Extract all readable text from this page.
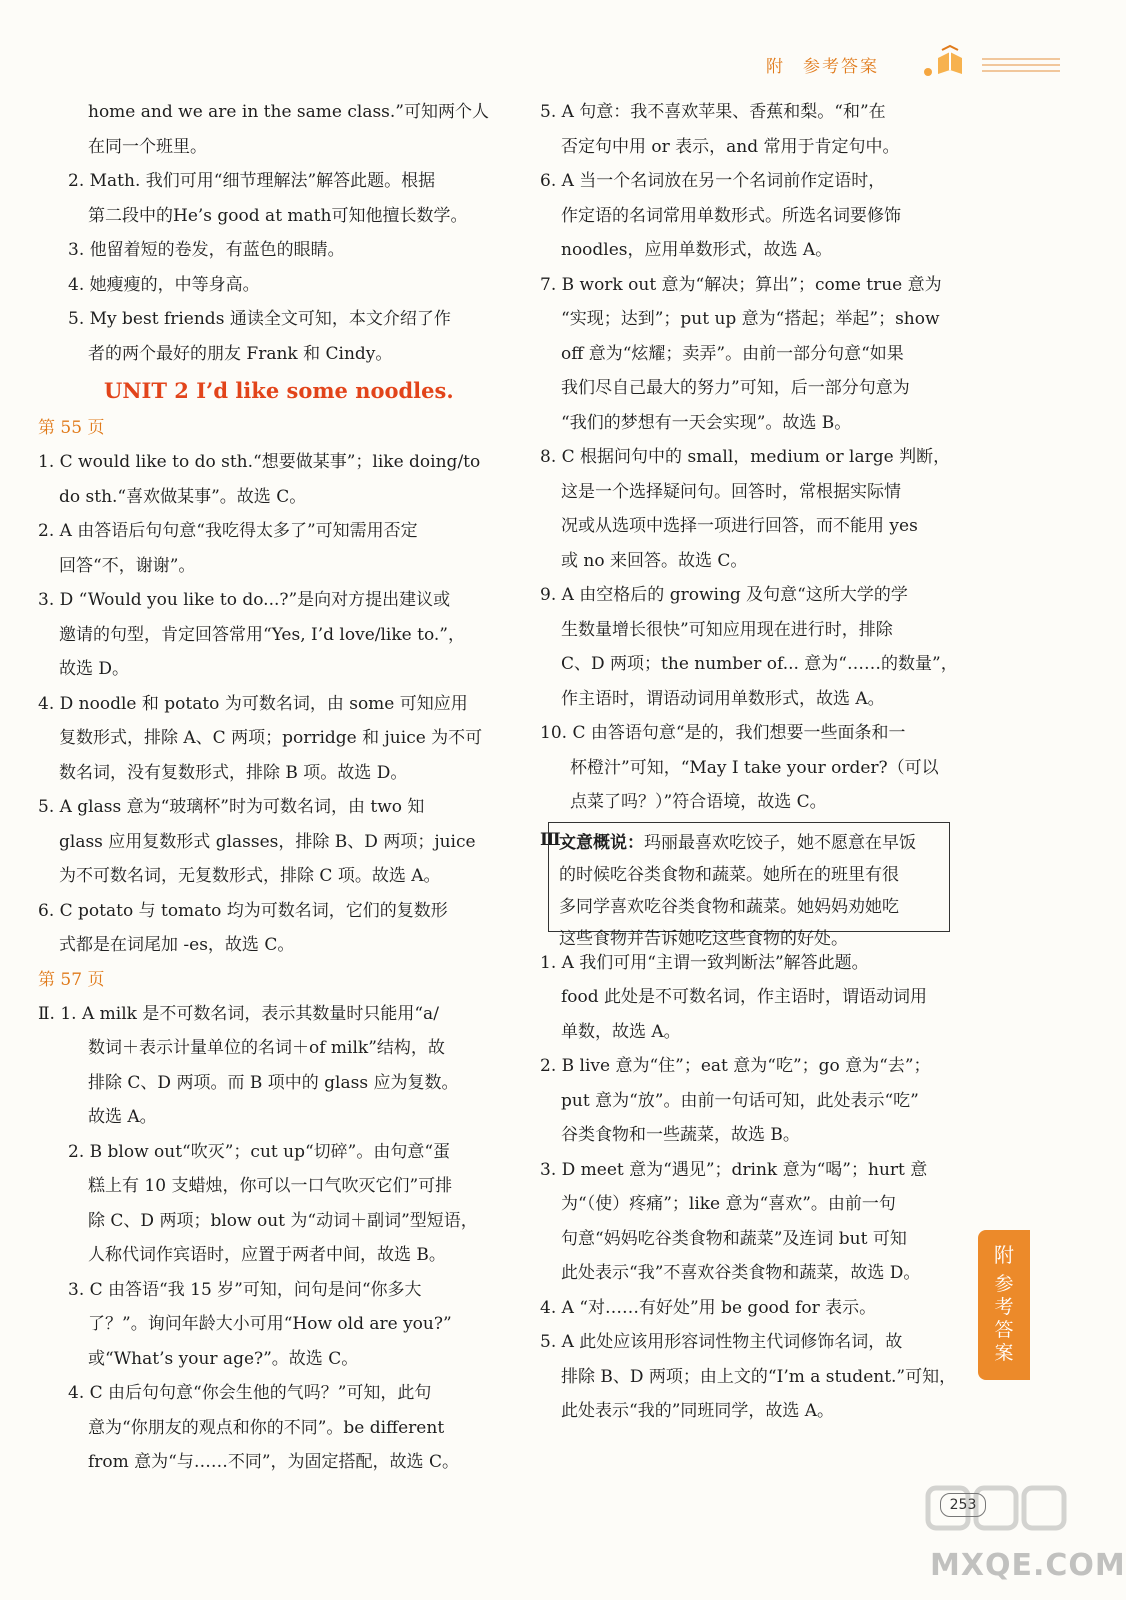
附 参考答案
home and we are in the same class.”可知两个人
在同一个班里。
2. Math. 我们可用“细节理解法”解答此题。根据
第二段中的He’s good at math可知他擅长数学。
3. 他留着短的卷发，有蓝色的眼睛。
4. 她瘦瘦的，中等身高。
5. My best friends 通读全文可知，本文介绍了作
者的两个最好的朋友 Frank 和 Cindy。
UNIT 2 I’d like some noodles.
第 55 页
1. C would like to do sth.“想要做某事”；like doing/to
do sth.“喜欢做某事”。故选 C。
2. A 由答语后句句意“我吃得太多了”可知需用否定
回答“不，谢谢”。
3. D “Would you like to do...?”是向对方提出建议或
邀请的句型，肯定回答常用“Yes, I’d love/like to.”，
故选 D。
4. D noodle 和 potato 为可数名词，由 some 可知应用
复数形式，排除 A、C 两项；porridge 和 juice 为不可
数名词，没有复数形式，排除 B 项。故选 D。
5. A glass 意为“玻璃杯”时为可数名词，由 two 知
glass 应用复数形式 glasses，排除 B、D 两项；juice
为不可数名词，无复数形式，排除 C 项。故选 A。
6. C potato 与 tomato 均为可数名词，它们的复数形
式都是在词尾加 -es，故选 C。
第 57 页
Ⅱ. 1. A milk 是不可数名词，表示其数量时只能用“a/
数词＋表示计量单位的名词＋of milk”结构，故
排除 C、D 两项。而 B 项中的 glass 应为复数。
故选 A。
2. B blow out“吹灭”；cut up“切碎”。由句意“蛋
糕上有 10 支蜡烛，你可以一口气吹灭它们”可排
除 C、D 两项；blow out 为“动词＋副词”型短语，
人称代词作宾语时，应置于两者中间，故选 B。
3. C 由答语“我 15 岁”可知，问句是问“你多大
了？”。询问年龄大小可用“How old are you?”
或“What’s your age?”。故选 C。
4. C 由后句句意“你会生他的气吗？”可知，此句
意为“你朋友的观点和你的不同”。be different
from 意为“与……不同”，为固定搭配，故选 C。
5. A 句意：我不喜欢苹果、香蕉和梨。“和”在
否定句中用 or 表示，and 常用于肯定句中。
6. A 当一个名词放在另一个名词前作定语时，
作定语的名词常用单数形式。所选名词要修饰
noodles，应用单数形式，故选 A。
7. B work out 意为“解决；算出”；come true 意为
“实现；达到”；put up 意为“搭起；举起”；show
off 意为“炫耀；卖弄”。由前一部分句意“如果
我们尽自己最大的努力”可知，后一部分句意为
“我们的梦想有一天会实现”。故选 B。
8. C 根据问句中的 small，medium or large 判断，
这是一个选择疑问句。回答时，常根据实际情
况或从选项中选择一项进行回答，而不能用 yes
或 no 来回答。故选 C。
9. A 由空格后的 growing 及句意“这所大学的学
生数量增长很快”可知应用现在进行时，排除
C、D 两项；the number of... 意为“……的数量”，
作主语时，谓语动词用单数形式，故选 A。
10. C 由答语句意“是的，我们想要一些面条和一
杯橙汁”可知，“May I take your order?（可以
点菜了吗？）”符合语境，故选 C。
Ⅲ.
文意概说：玛丽最喜欢吃饺子，她不愿意在早饭
的时候吃谷类食物和蔬菜。她所在的班里有很
多同学喜欢吃谷类食物和蔬菜。她妈妈劝她吃
这些食物并告诉她吃这些食物的好处。
1. A 我们可用“主谓一致判断法”解答此题。
food 此处是不可数名词，作主语时，谓语动词用
单数，故选 A。
2. B live 意为“住”；eat 意为“吃”；go 意为“去”；
put 意为“放”。由前一句话可知，此处表示“吃”
谷类食物和一些蔬菜，故选 B。
3. D meet 意为“遇见”；drink 意为“喝”；hurt 意
为“（使）疼痛”；like 意为“喜欢”。由前一句
句意“妈妈吃谷类食物和蔬菜”及连词 but 可知
此处表示“我”不喜欢谷类食物和蔬菜，故选 D。
4. A “对……有好处”用 be good for 表示。
5. A 此处应该用形容词性物主代词修饰名词，故
排除 B、D 两项；由上文的“I’m a student.”可知，
此处表示“我的”同班同学，故选 A。
附
参
考
答
案
253
MXQE.COM
